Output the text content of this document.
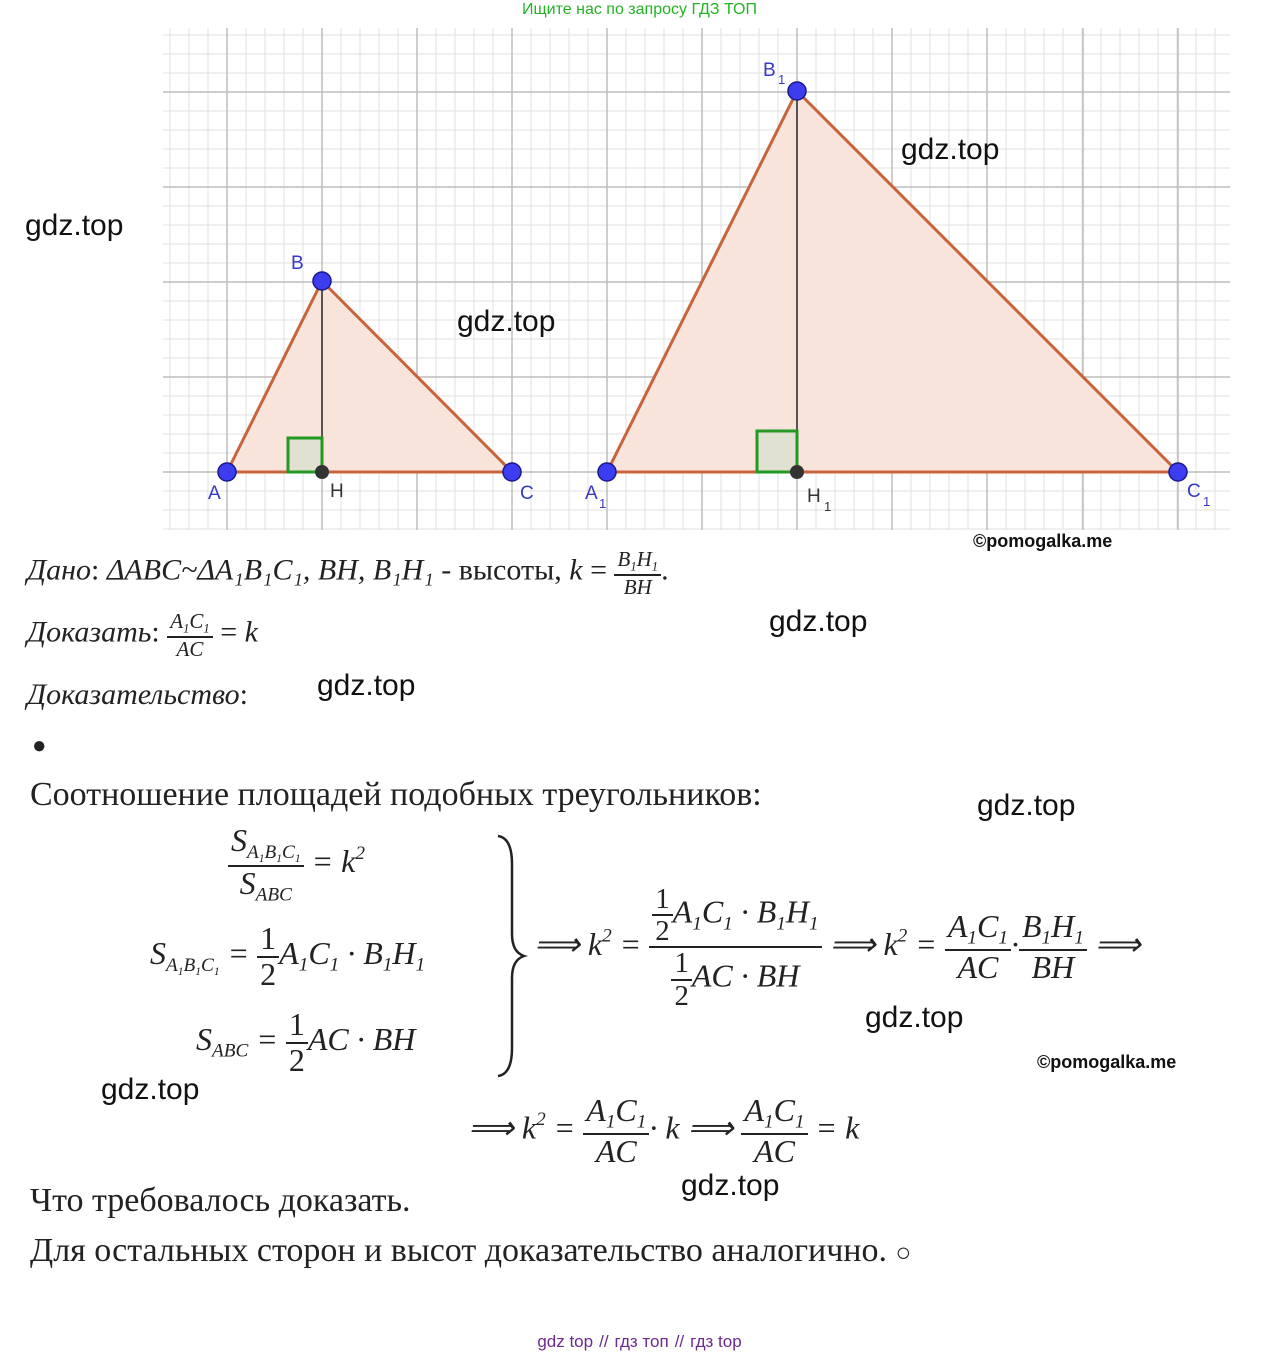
Ищите нас по запросу ГДЗ ТОП
A
B
C
H	A 1
B 1
C 1
H 1
gdz.top
gdz.top
gdz.top
gdz.top
gdz.top
gdz.top
gdz.top
gdz.top
gdz.top
©pomogalka.me
©pomogalka.me
Дано: ΔABC~ΔA₁B₁C₁, BH, B₁H₁ - высоты, $k = \frac{B_1H_1}{BH}$ .
Доказать: $\frac{A_1C_1}{AC} = k$
Доказательство:
●
Соотношение площадей подобных треугольников:
$\frac{S_{A_1B_1C_1}}{S_{ABC}} = k^2$
$S_{A_1B_1C_1} = \frac{1}{2} A_1C_1 \cdot B_1H_1$
$S_{ABC} = \frac{1}{2}$ AC · BH
⟹ $k^2 = \frac{\frac{1}{2} A_1C_1 \cdot B_1H_1}{\frac{1}{2} AC \cdot BH}$ ⟹ $k^2 = \frac{A_1C_1}{AC} \cdot \frac{B_1H_1}{BH}$ ⟹
⟹ $k^2 = \frac{A_1C_1}{AC} \cdot k$ ⟹ $\frac{A_1C_1}{AC} = k$
Что требовалось доказать.
Для остальных сторон и высот доказательство аналогично. ○
gdz top // гдз топ // гдз top
